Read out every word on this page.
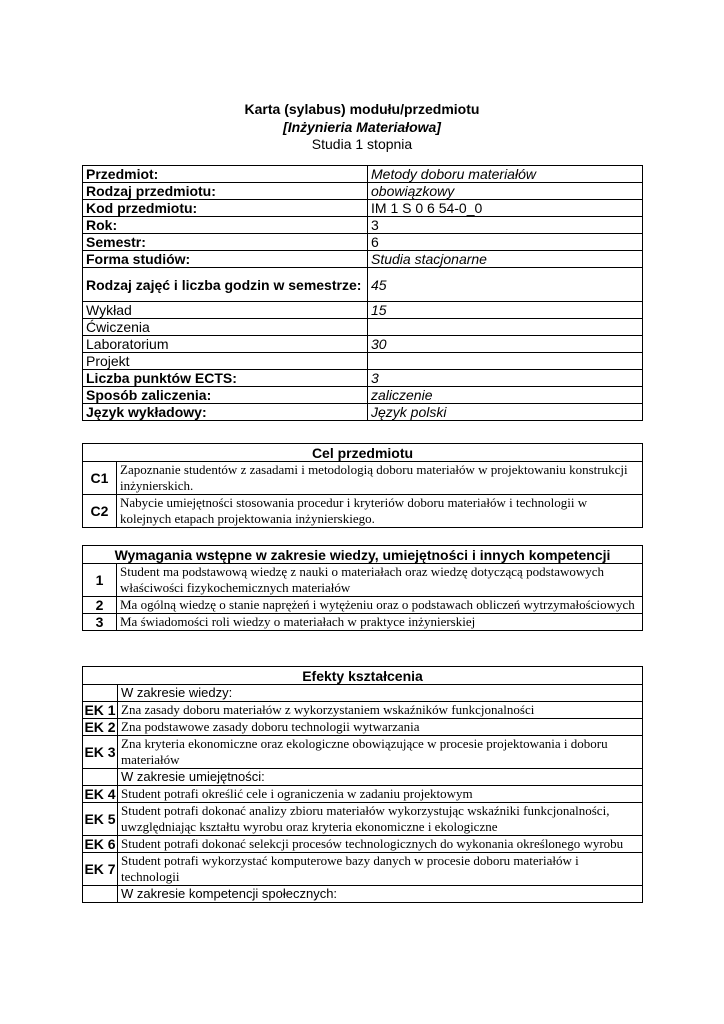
Karta (sylabus) modułu/przedmiotu
[Inżynieria Materiałowa]
Studia 1 stopnia
Przedmiot:	Metody doboru materiałów
Rodzaj przedmiotu:	obowiązkowy
Kod przedmiotu:	IM 1 S 0 6 54-0_0
Rok:	3
Semestr:	6
Forma studiów:	Studia stacjonarne
Rodzaj zajęć i liczba godzin w semestrze:	45
Wykład	15
Ćwiczenia	
Laboratorium	30
Projekt	
Liczba punktów ECTS:	3
Sposób zaliczenia:	zaliczenie
Język wykładowy:	Język polski
Cel przedmiotu	
C1	Zapoznanie studentów z zasadami i metodologią doboru materiałów w projektowaniu konstrukcji inżynierskich.
C2	Nabycie umiejętności stosowania procedur i kryteriów doboru materiałów i technologii w kolejnych etapach projektowania inżynierskiego.
Wymagania wstępne w zakresie wiedzy, umiejętności i innych kompetencji	
1	Student ma podstawową wiedzę z nauki o materiałach oraz wiedzę dotyczącą podstawowych właściwości fizykochemicznych materiałów
2	Ma ogólną wiedzę o stanie naprężeń i wytężeniu oraz o podstawach obliczeń wytrzymałościowych
3	Ma świadomości roli wiedzy o materiałach w praktyce inżynierskiej
Efekty kształcenia	
	W zakresie wiedzy:
EK 1	Zna zasady doboru materiałów z wykorzystaniem wskaźników funkcjonalności
EK 2	Zna podstawowe zasady doboru technologii wytwarzania
EK 3	Zna kryteria ekonomiczne oraz ekologiczne obowiązujące w procesie projektowania i doboru materiałów
	W zakresie umiejętności:
EK 4	Student potrafi określić cele i ograniczenia w zadaniu projektowym
EK 5	Student potrafi dokonać analizy zbioru materiałów wykorzystując wskaźniki funkcjonalności, uwzględniając kształtu wyrobu oraz kryteria ekonomiczne i ekologiczne
EK 6	Student potrafi dokonać selekcji procesów technologicznych do wykonania określonego wyrobu
EK 7	Student potrafi wykorzystać komputerowe bazy danych w procesie doboru materiałów i technologii
	W zakresie kompetencji społecznych:
